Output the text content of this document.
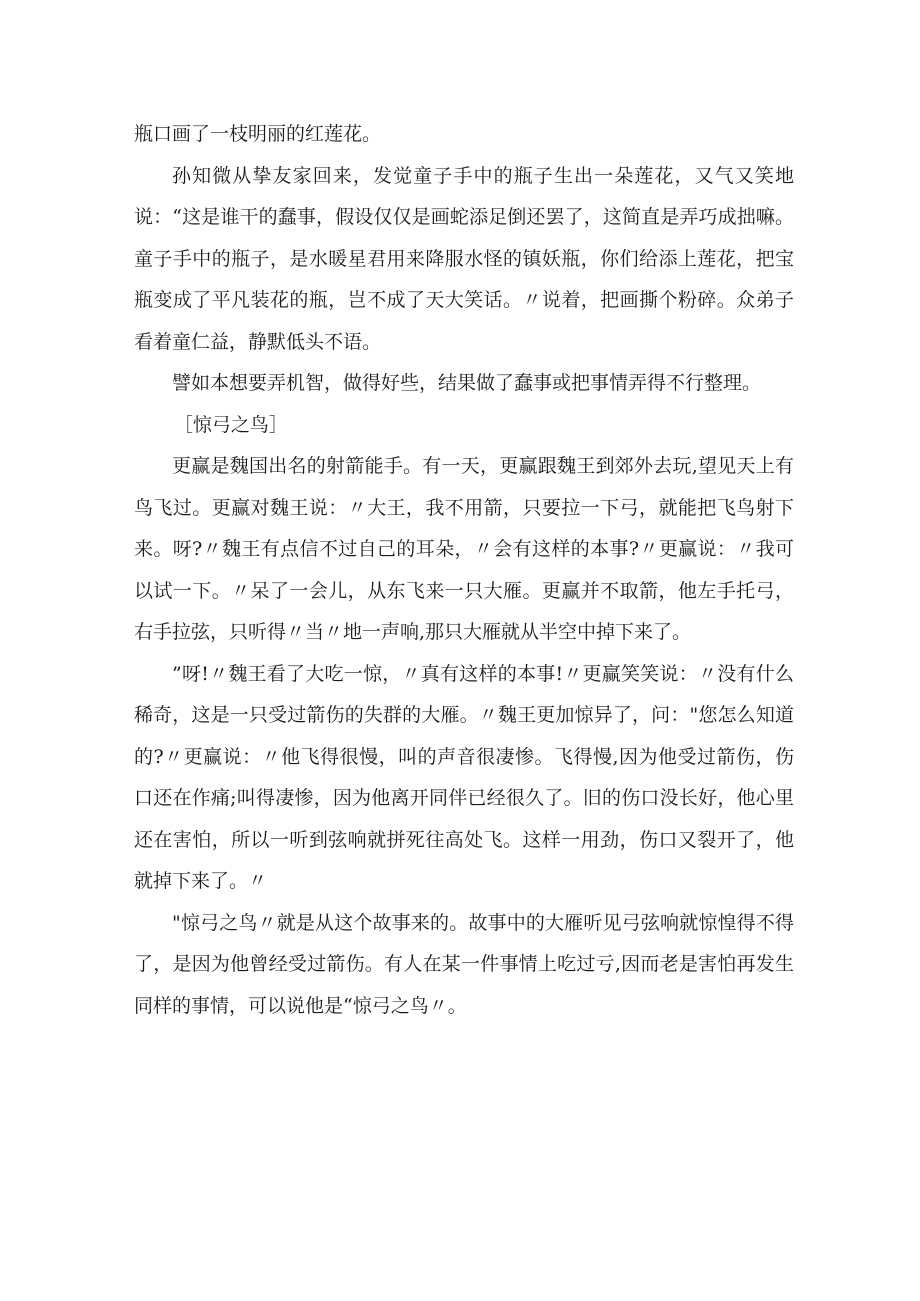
瓶口画了一枝明丽的红莲花。

孙知微从挚友家回来，发觉童子手中的瓶子生出一朵莲花，又气又笑地说：“这是谁干的蠢事，假设仅仅是画蛇添足倒还罢了，这简直是弄巧成拙嘛。童子手中的瓶子，是水暖星君用来降服水怪的镇妖瓶，你们给添上莲花，把宝瓶变成了平凡装花的瓶，岂不成了天大笑话。〃说着，把画撕个粉碎。众弟子看着童仁益，静默低头不语。

譬如本想要弄机智，做得好些，结果做了蠢事或把事情弄得不行整理。

［惊弓之鸟］

更赢是魏国出名的射箭能手。有一天，更赢跟魏王到郊外去玩,望见天上有鸟飞过。更赢对魏王说：〃大王，我不用箭，只要拉一下弓，就能把飞鸟射下来。呀?〃魏王有点信不过自己的耳朵，〃会有这样的本事?〃更赢说：〃我可以试一下。〃呆了一会儿，从东飞来一只大雁。更赢并不取箭，他左手托弓，右手拉弦，只听得〃当〃地一声响,那只大雁就从半空中掉下来了。

”呀!〃魏王看了大吃一惊，〃真有这样的本事!〃更赢笑笑说：〃没有什么稀奇，这是一只受过箭伤的失群的大雁。〃魏王更加惊异了，问："您怎么知道的?〃更赢说：〃他飞得很慢，叫的声音很凄惨。飞得慢,因为他受过箭伤，伤口还在作痛;叫得凄惨，因为他离开同伴已经很久了。旧的伤口没长好，他心里还在害怕，所以一听到弦响就拼死往高处飞。这样一用劲，伤口又裂开了，他就掉下来了。〃

"惊弓之鸟〃就是从这个故事来的。故事中的大雁听见弓弦响就惊惶得不得了，是因为他曾经受过箭伤。有人在某一件事情上吃过亏,因而老是害怕再发生同样的事情，可以说他是“惊弓之鸟〃。
